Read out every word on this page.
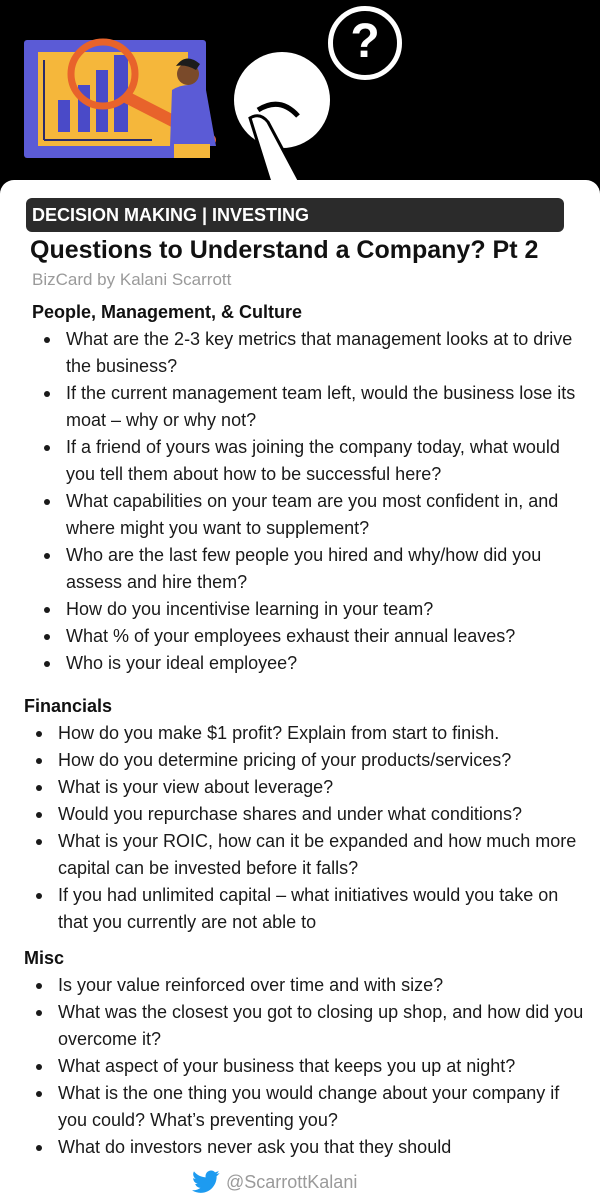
?
DECISION MAKING | INVESTING
Questions to Understand a Company? Pt 2
BizCard by Kalani Scarrott
People, Management, & Culture
What are the 2-3 key metrics that management looks at to drive the business?
If the current management team left, would the business lose its moat – why or why not?
If a friend of yours was joining the company today, what would you tell them about how to be successful here?
What capabilities on your team are you most confident in, and where might you want to supplement?
Who are the last few people you hired and why/how did you assess and hire them?
How do you incentivise learning in your team?
What % of your employees exhaust their annual leaves?
Who is your ideal employee?
Financials
How do you make $1 profit? Explain from start to finish.
How do you determine pricing of your products/services?
What is your view about leverage?
Would you repurchase shares and under what conditions?
What is your ROIC, how can it be expanded and how much more capital can be invested before it falls?
If you had unlimited capital – what initiatives would you take on that you currently are not able to
Misc
Is your value reinforced over time and with size?
What was the closest you got to closing up shop, and how did you overcome it?
What aspect of your business that keeps you up at night?
What is the one thing you would change about your company if you could? What’s preventing you?
What do investors never ask you that they should
@ScarrottKalani
